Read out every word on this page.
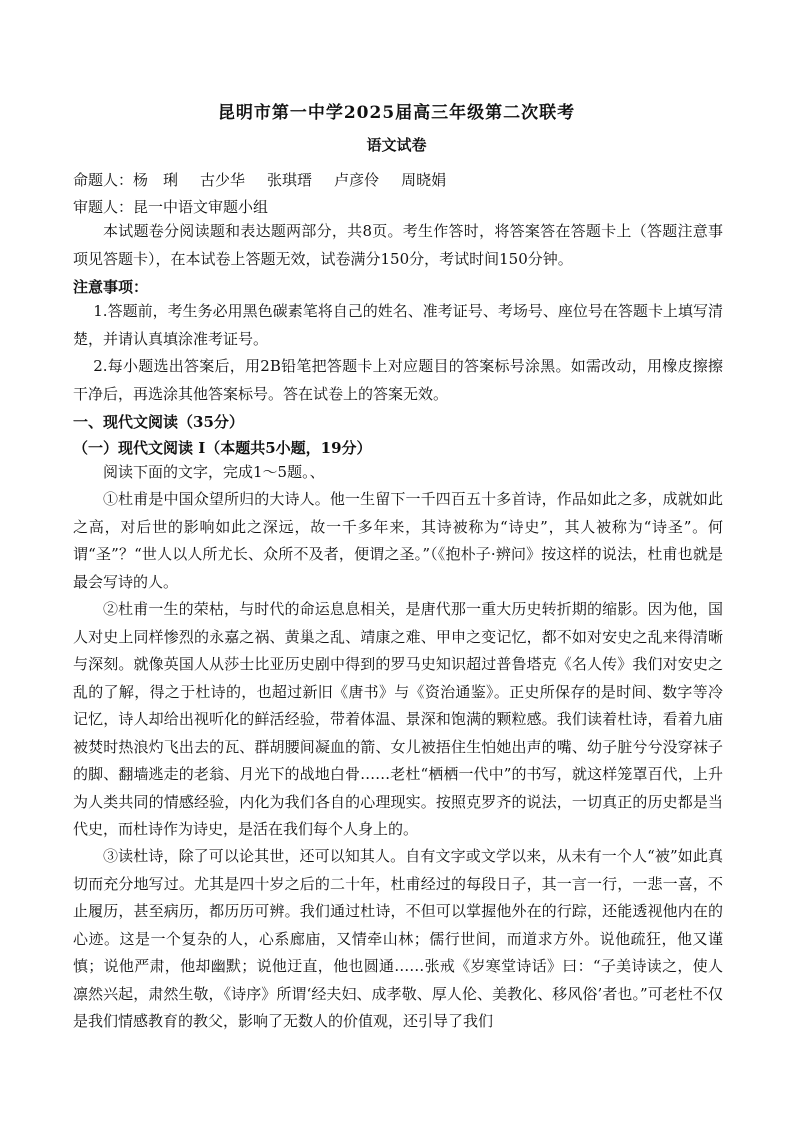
昆明市第一中学2025届高三年级第二次联考
语文试卷
命题人：杨　琍 古少华 张琪瑨 卢彦伶 周晓娟
审题人：昆一中语文审题小组
本试题卷分阅读题和表达题两部分，共8页。考生作答时，将答案答在答题卡上（答题注意事项见答题卡），在本试卷上答题无效，试卷满分150分，考试时间150分钟。
注意事项：
1.答题前，考生务必用黑色碳素笔将自己的姓名、准考证号、考场号、座位号在答题卡上填写清楚，并请认真填涂准考证号。
2.每小题选出答案后，用2B铅笔把答题卡上对应题目的答案标号涂黑。如需改动，用橡皮擦擦干净后，再选涂其他答案标号。答在试卷上的答案无效。
一、现代文阅读（35分）
（一）现代文阅读 I（本题共5小题，19分）
阅读下面的文字，完成1～5题。、
①杜甫是中国众望所归的大诗人。他一生留下一千四百五十多首诗，作品如此之多，成就如此之高，对后世的影响如此之深远，故一千多年来，其诗被称为“诗史”，其人被称为“诗圣”。何谓“圣”？“世人以人所尤长、众所不及者，便谓之圣。”（《抱朴子·辨问》按这样的说法，杜甫也就是最会写诗的人。
②杜甫一生的荣枯，与时代的命运息息相关，是唐代那一重大历史转折期的缩影。因为他，国人对史上同样惨烈的永嘉之祸、黄巢之乱、靖康之难、甲申之变记忆，都不如对安史之乱来得清晰与深刻。就像英国人从莎士比亚历史剧中得到的罗马史知识超过普鲁塔克《名人传》我们对安史之乱的了解，得之于杜诗的，也超过新旧《唐书》与《资治通鉴》。正史所保存的是时间、数字等冷记忆，诗人却给出视听化的鲜活经验，带着体温、景深和饱满的颗粒感。我们读着杜诗，看着九庙被焚时热浪灼飞出去的瓦、群胡腰间凝血的箭、女儿被捂住生怕她出声的嘴、幼子脏兮兮没穿袜子的脚、翻墙逃走的老翁、月光下的战地白骨……老杜“栖栖一代中”的书写，就这样笼罩百代，上升为人类共同的情感经验，内化为我们各自的心理现实。按照克罗齐的说法，一切真正的历史都是当代史，而杜诗作为诗史，是活在我们每个人身上的。
③读杜诗，除了可以论其世，还可以知其人。自有文字或文学以来，从未有一个人“被”如此真切而充分地写过。尤其是四十岁之后的二十年，杜甫经过的每段日子，其一言一行，一悲一喜，不止履历，甚至病历，都历历可辨。我们通过杜诗，不但可以掌握他外在的行踪，还能透视他内在的心迹。这是一个复杂的人，心系廊庙，又情牵山林；儒行世间，而道求方外。说他疏狂，他又谨慎；说他严肃，他却幽默；说他迂直，他也圆通……张戒《岁寒堂诗话》曰：“子美诗读之，使人凛然兴起，肃然生敬，《诗序》所谓‘经夫妇、成孝敬、厚人伦、美教化、移风俗’者也。”可老杜不仅是我们情感教育的教父，影响了无数人的价值观，还引导了我们
